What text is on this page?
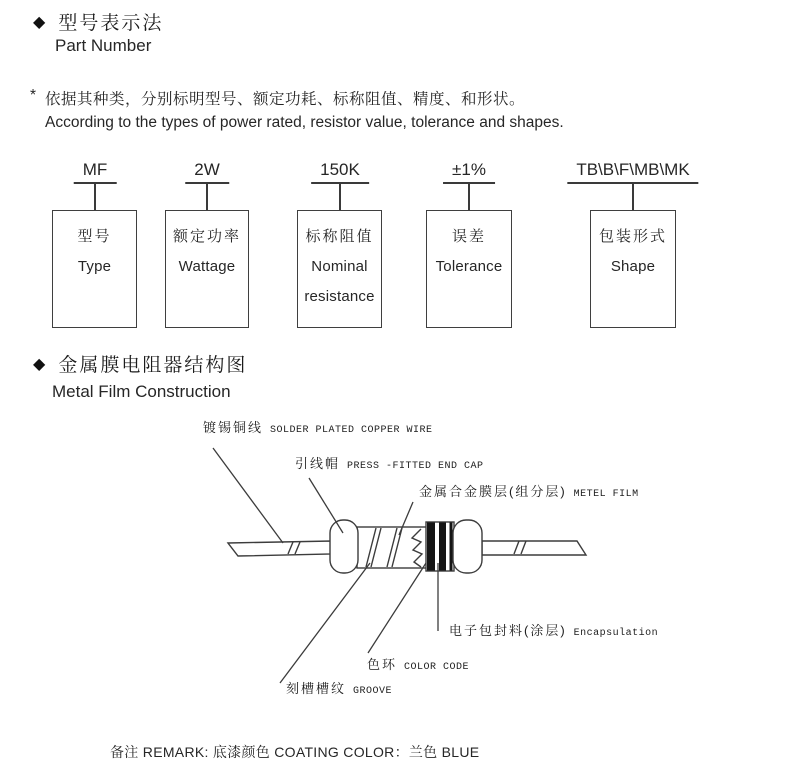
◆ 型号表示法
Part Number
* 依据其种类，分别标明型号、额定功耗、标称阻值、精度、和形状。
According to the types of power rated, resistor value, tolerance and shapes.
MF
型号
Type
2W
额定功率
Wattage
150K
标称阻值
Nominal resistance
±1%
误差
Tolerance
TB\B\F\MB\MK
包装形式
Shape
◆ 金属膜电阻器结构图
Metal Film Construction
镀锡铜线 SOLDER PLATED COPPER WIRE
引线帽 PRESS -FITTED END CAP
金属合金膜层(组分层) METEL FILM
电子包封料(涂层) Encapsulation
色环 COLOR CODE
刻槽槽纹 GROOVE
备注 REMARK: 底漆颜色 COATING COLOR：兰色 BLUE
